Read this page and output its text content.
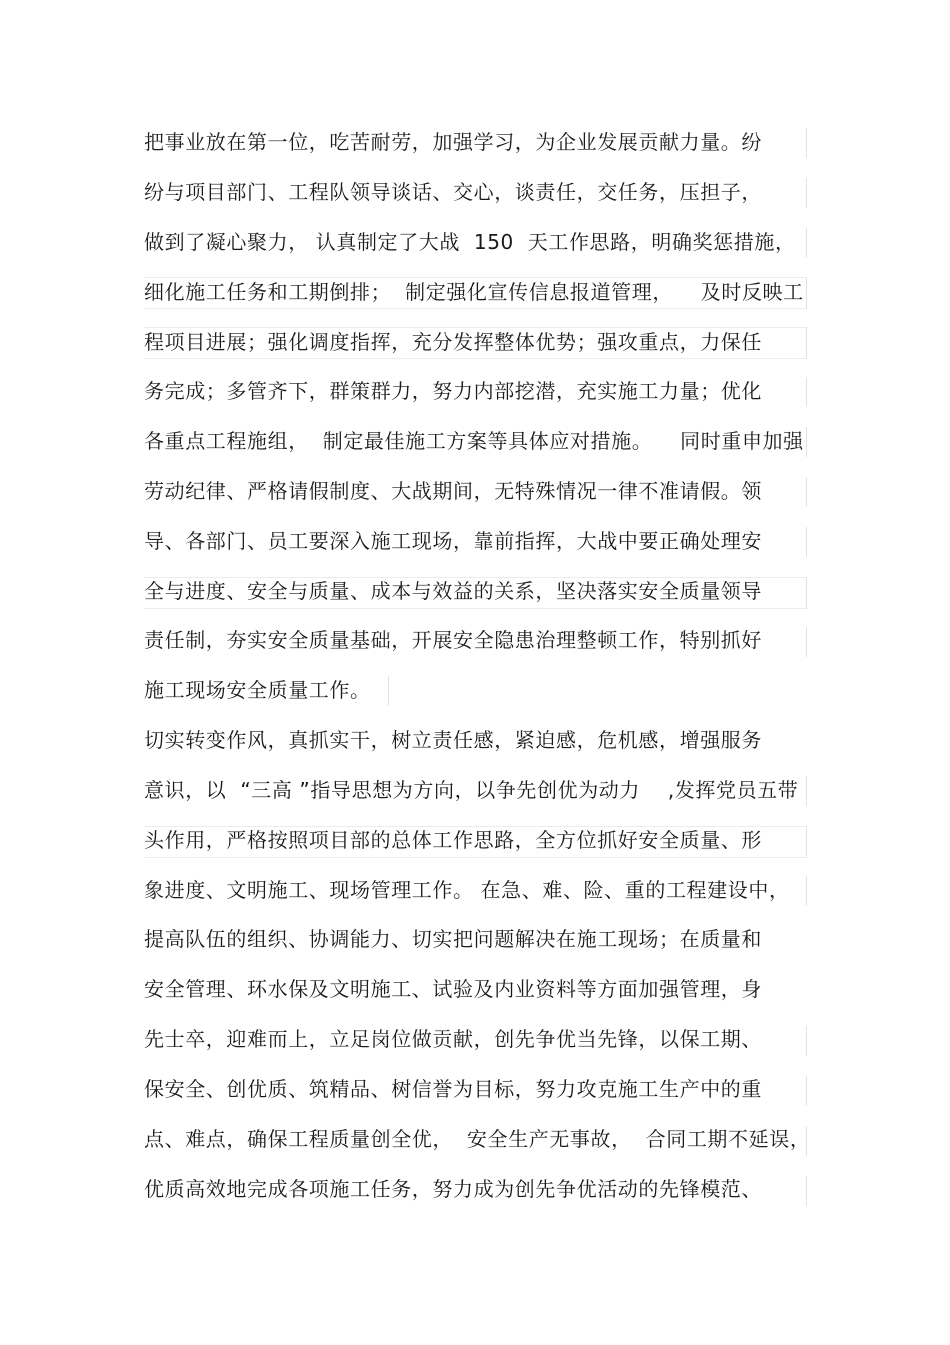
把事业放在第一位，吃苦耐劳，加强学习，为企业发展贡献力量。纷
纷与项目部门、工程队领导谈话、交心，谈责任，交任务，压担子，
做到了凝心聚力， 认真制定了大战  150  天工作思路，明确奖惩措施，
细化施工任务和工期倒排；  制定强化宣传信息报道管理，    及时反映工
程项目进展；强化调度指挥，充分发挥整体优势；强攻重点，力保任
务完成；多管齐下，群策群力，努力内部挖潜，充实施工力量；优化
各重点工程施组，  制定最佳施工方案等具体应对措施。    同时重申加强
劳动纪律、严格请假制度、大战期间，无特殊情况一律不准请假。领
导、各部门、员工要深入施工现场，靠前指挥，大战中要正确处理安
全与进度、安全与质量、成本与效益的关系，坚决落实安全质量领导
责任制，夯实安全质量基础，开展安全隐患治理整顿工作，特别抓好
施工现场安全质量工作。
切实转变作风，真抓实干，树立责任感，紧迫感，危机感，增强服务
意识，以  “三高 ”指导思想为方向，以争先创优为动力    ,发挥党员五带
头作用，严格按照项目部的总体工作思路，全方位抓好安全质量、形
象进度、文明施工、现场管理工作。 在急、难、险、重的工程建设中，
提高队伍的组织、协调能力、切实把问题解决在施工现场；在质量和
安全管理、环水保及文明施工、试验及内业资料等方面加强管理，身
先士卒，迎难而上，立足岗位做贡献，创先争优当先锋，以保工期、
保安全、创优质、筑精品、树信誉为目标，努力攻克施工生产中的重
点、难点，确保工程质量创全优，  安全生产无事故，  合同工期不延误，
优质高效地完成各项施工任务，努力成为创先争优活动的先锋模范、
